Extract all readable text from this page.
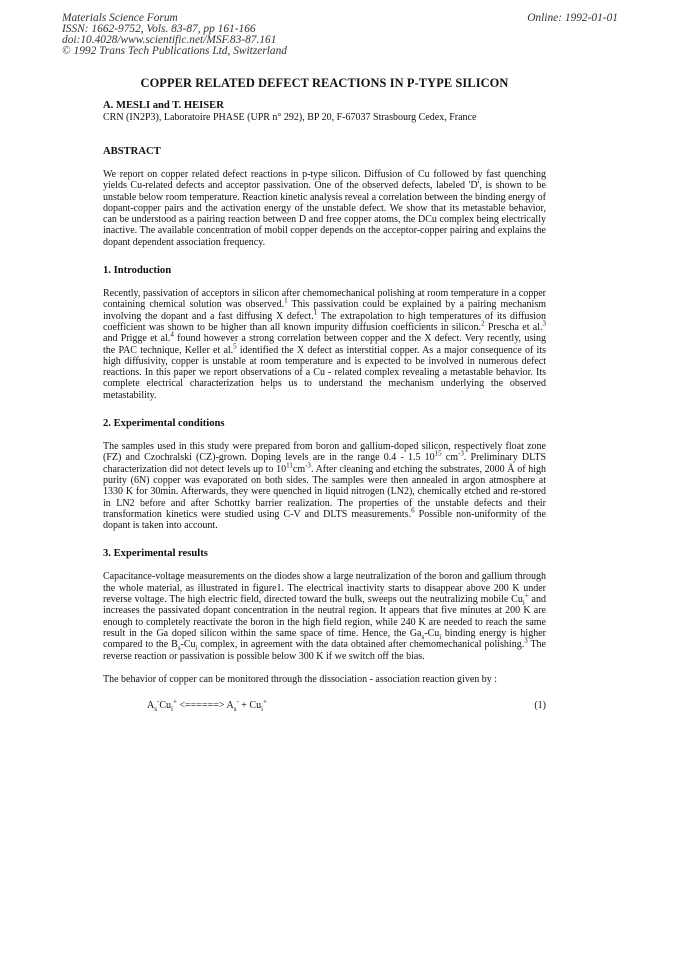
Materials Science Forum
ISSN: 1662-9752, Vols. 83-87, pp 161-166
doi:10.4028/www.scientific.net/MSF.83-87.161
© 1992 Trans Tech Publications Ltd, Switzerland
Online: 1992-01-01
COPPER RELATED DEFECT REACTIONS IN P-TYPE SILICON
A. MESLI and T. HEISER
CRN (IN2P3), Laboratoire PHASE (UPR n° 292), BP 20, F-67037 Strasbourg Cedex, France
ABSTRACT

We report on copper related defect reactions in p-type silicon. Diffusion of Cu followed by fast quenching yields Cu-related defects and acceptor passivation. One of the observed defects, labeled 'D', is shown to be unstable below room temperature. Reaction kinetic analysis reveal a correlation between the binding energy of dopant-copper pairs and the activation energy of the unstable defect. We show that its metastable behavior, can be understood as a pairing reaction between D and free copper atoms, the DCu complex being electrically inactive. The available concentration of mobil copper depends on the acceptor-copper pairing and explains the dopant dependent association frequency.

1. Introduction

Recently, passivation of acceptors in silicon after chemomechanical polishing at room temperature in a copper containing chemical solution was observed.$^1$ This passivation could be explained by a pairing mechanism involving the dopant and a fast diffusing X defect.$^1$ The extrapolation to high temperatures of its diffusion coefficient was shown to be higher than all known impurity diffusion coefficients in silicon.$^2$ Prescha et al.$^3$ and Prigge et al.$^4$ found however a strong correlation between copper and the X defect. Very recently, using the PAC technique, Keller et al.$^5$ identified the X defect as interstitial copper. As a major consequence of its high diffusivity, copper is unstable at room temperature and is expected to be involved in numerous defect reactions. In this paper we report observations of a Cu - related complex revealing a metastable behavior. Its complete electrical characterization helps us to understand the mechanism underlying the observed metastability.

2. Experimental conditions

The samples used in this study were prepared from boron and gallium-doped silicon, respectively float zone (FZ) and Czochralski (CZ)-grown. Doping levels are in the range 0.4 - 1.5 $10^{15}$ $cm^{-3}$. Preliminary DLTS characterization did not detect levels up to $10^{11}cm^{-3}$. After cleaning and etching the substrates, 2000 Å of high purity (6N) copper was evaporated on both sides. The samples were then annealed in argon atmosphere at 1330 K for 30min. Afterwards, they were quenched in liquid nitrogen (LN2), chemically etched and re-stored in LN2 before and after Schottky barrier realization. The properties of the unstable defects and their transformation kinetics were studied using C-V and DLTS measurements.$^6$ Possible non-uniformity of the dopant is taken into account.

3. Experimental results

Capacitance-voltage measurements on the diodes show a large neutralization of the boron and gallium through the whole material, as illustrated in figure1. The electrical inactivity starts to disappear above 200 K under reverse voltage. The high electric field, directed toward the bulk, sweeps out the neutralizing mobile $Cu_i^+$ and increases the passivated dopant concentration in the neutral region. It appears that five minutes at 200 K are enough to completely reactivate the boron in the high field region, while 240 K are needed to reach the same result in the Ga doped silicon within the same space of time. Hence, the $Ga_s-Cu_i$ binding energy is higher compared to the $B_s-Cu_i$ complex, in agreement with the data obtained after chemomechanical polishing.$^3$ The reverse reaction or passivation is possible below 300 K if we switch off the bias.

The behavior of copper can be monitored through the dissociation - association reaction given by :
$A_s^-Cu_i^+$ <======> $A_s^- + Cu_i^+$	(1)
